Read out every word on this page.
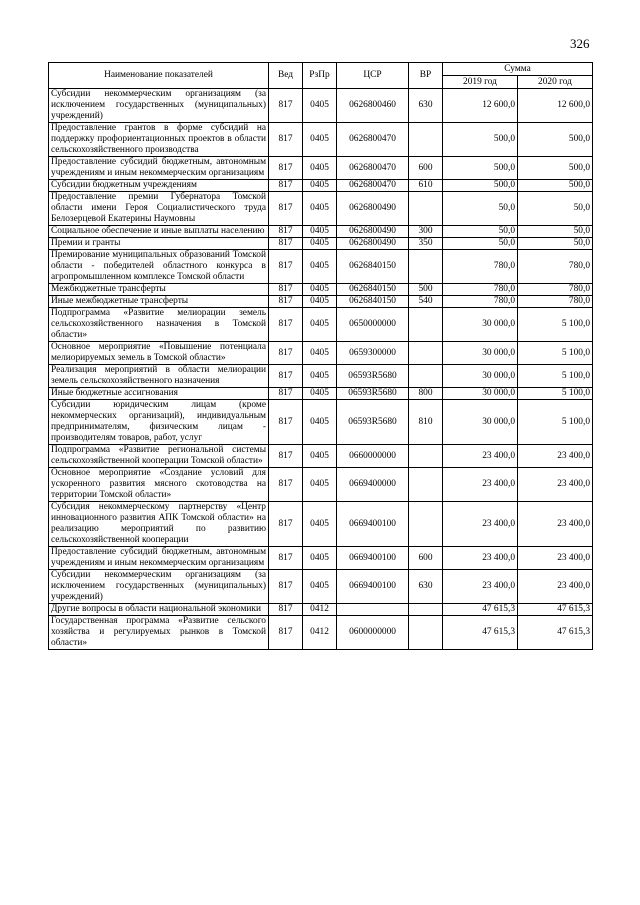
326
Наименование показателей	Вед	РзПр	ЦСР	ВР	Сумма	
					2019 год	2020 год
Субсидии некоммерческим организациям (за исключением государственных (муниципальных) учреждений)	817	0405	0626800460	630	12 600,0	12 600,0
Предоставление грантов в форме субсидий на поддержку профориентационных проектов в области сельскохозяйственного производства	817	0405	0626800470		500,0	500,0
Предоставление субсидий бюджетным, автономным учреждениям и иным некоммерческим организациям	817	0405	0626800470	600	500,0	500,0
Субсидии бюджетным учреждениям	817	0405	0626800470	610	500,0	500,0
Предоставление премии Губернатора Томской области имени Героя Социалистического труда Белозерцевой Екатерины Наумовны	817	0405	0626800490		50,0	50,0
Социальное обеспечение и иные выплаты населению	817	0405	0626800490	300	50,0	50,0
Премии и гранты	817	0405	0626800490	350	50,0	50,0
Премирование муниципальных образований Томской области - победителей областного конкурса в агропромышленном комплексе Томской области	817	0405	0626840150		780,0	780,0
Межбюджетные трансферты	817	0405	0626840150	500	780,0	780,0
Иные межбюджетные трансферты	817	0405	0626840150	540	780,0	780,0
Подпрограмма «Развитие мелиорации земель сельскохозяйственного назначения в Томской области»	817	0405	0650000000		30 000,0	5 100,0
Основное мероприятие «Повышение потенциала мелиорируемых земель в Томской области»	817	0405	0659300000		30 000,0	5 100,0
Реализация мероприятий в области мелиорации земель сельскохозяйственного назначения	817	0405	06593R5680		30 000,0	5 100,0
Иные бюджетные ассигнования	817	0405	06593R5680	800	30 000,0	5 100,0
Субсидии юридическим лицам (кроме некоммерческих организаций), индивидуальным предпринимателям, физическим лицам - производителям товаров, работ, услуг	817	0405	06593R5680	810	30 000,0	5 100,0
Подпрограмма «Развитие региональной системы сельскохозяйственной кооперации Томской области»	817	0405	0660000000		23 400,0	23 400,0
Основное мероприятие «Создание условий для ускоренного развития мясного скотоводства на территории Томской области»	817	0405	0669400000		23 400,0	23 400,0
Субсидия некоммерческому партнерству «Центр инновационного развития АПК Томской области» на реализацию мероприятий по развитию сельскохозяйственной кооперации	817	0405	0669400100		23 400,0	23 400,0
Предоставление субсидий бюджетным, автономным учреждениям и иным некоммерческим организациям	817	0405	0669400100	600	23 400,0	23 400,0
Субсидии некоммерческим организациям (за исключением государственных (муниципальных) учреждений)	817	0405	0669400100	630	23 400,0	23 400,0
Другие вопросы в области национальной экономики	817	0412			47 615,3	47 615,3
Государственная программа «Развитие сельского хозяйства и регулируемых рынков в Томской области»	817	0412	0600000000		47 615,3	47 615,3
